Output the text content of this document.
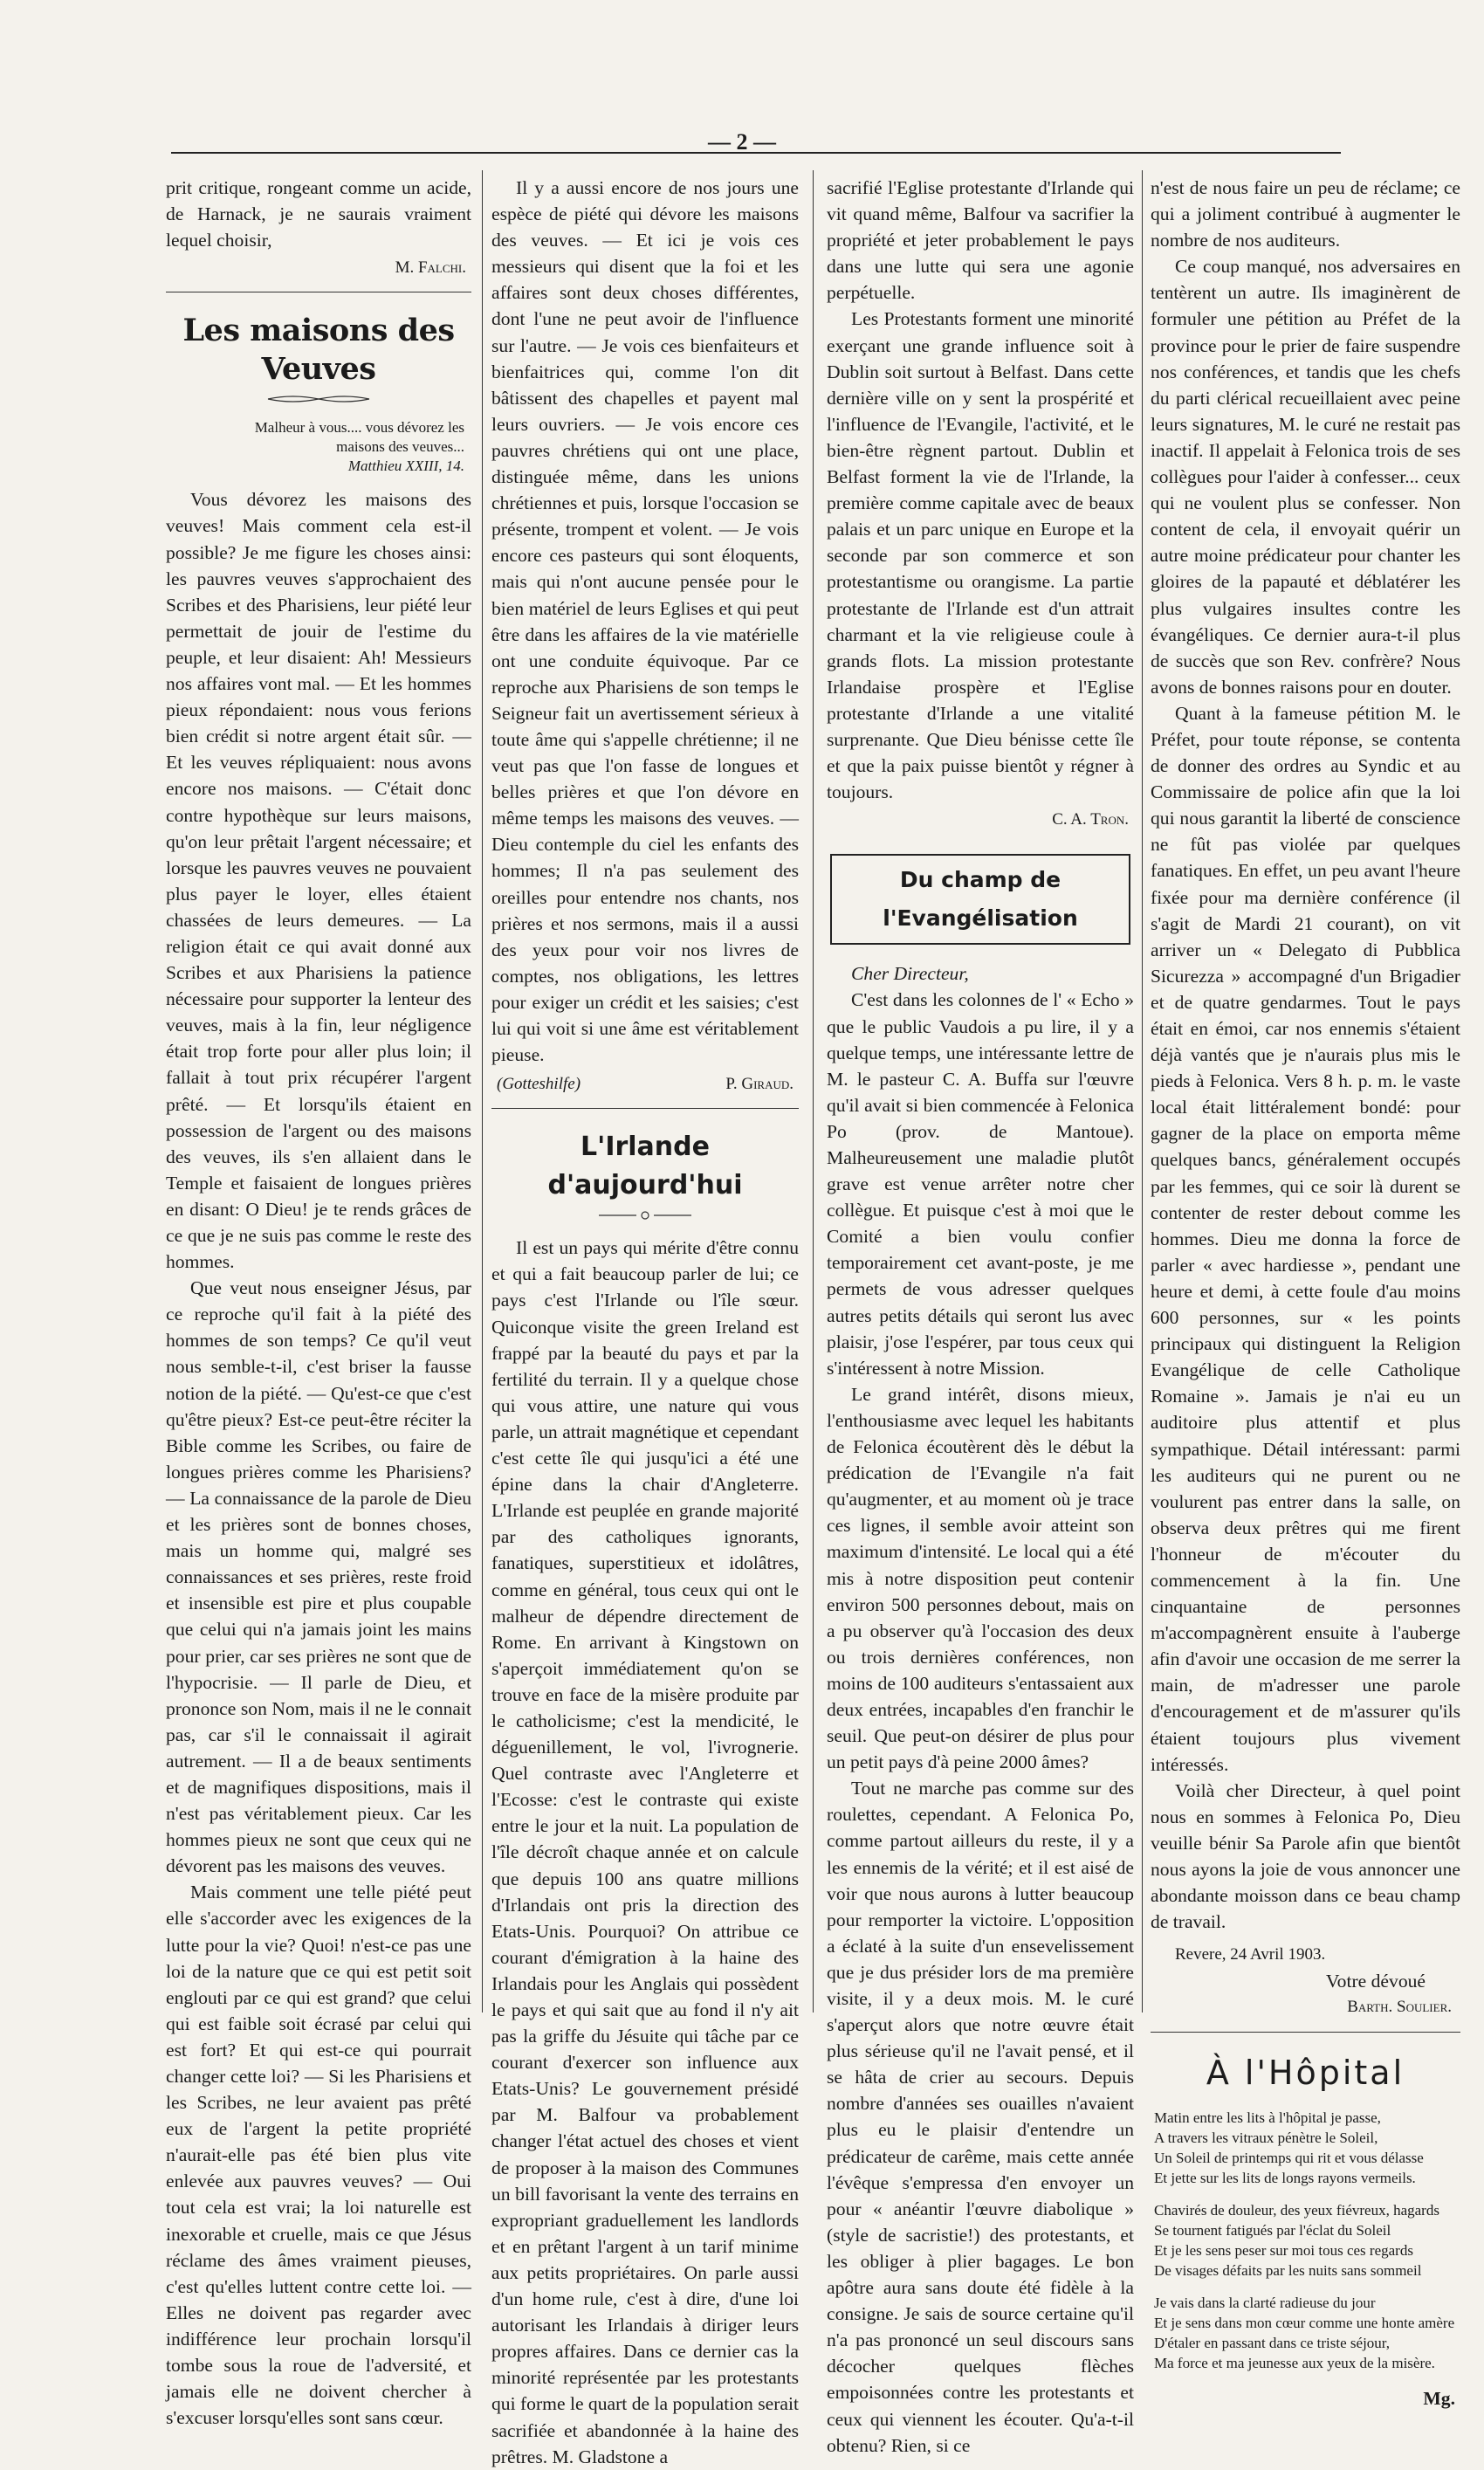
— 2 —

prit critique, rongeant comme un acide, de Harnack, je ne saurais vraiment lequel choisir,

M. Falchi.
Les maisons des Veuves
Malheur à vous.... vous dévorez les maisons des veuves...
Matthieu XXIII, 14.

Vous dévorez les maisons des veuves! Mais comment cela est-il possible? Je me figure les choses ainsi: les pauvres veuves s'approchaient des Scribes et des Pharisiens, leur piété leur permettait de jouir de l'estime du peuple, et leur disaient: Ah! Messieurs nos affaires vont mal. — Et les hommes pieux répondaient: nous vous ferions bien crédit si notre argent était sûr. — Et les veuves répliquaient: nous avons encore nos maisons. — C'était donc contre hypothèque sur leurs maisons, qu'on leur prêtait l'argent nécessaire; et lorsque les pauvres veuves ne pouvaient plus payer le loyer, elles étaient chassées de leurs demeures. — La religion était ce qui avait donné aux Scribes et aux Pharisiens la patience nécessaire pour supporter la lenteur des veuves, mais à la fin, leur négligence était trop forte pour aller plus loin; il fallait à tout prix récupérer l'argent prêté. — Et lorsqu'ils étaient en possession de l'argent ou des maisons des veuves, ils s'en allaient dans le Temple et faisaient de longues prières en disant: O Dieu! je te rends grâces de ce que je ne suis pas comme le reste des hommes.

Que veut nous enseigner Jésus, par ce reproche qu'il fait à la piété des hommes de son temps? Ce qu'il veut nous semble-t-il, c'est briser la fausse notion de la piété. — Qu'est-ce que c'est qu'être pieux? Est-ce peut-être réciter la Bible comme les Scribes, ou faire de longues prières comme les Pharisiens? — La connaissance de la parole de Dieu et les prières sont de bonnes choses, mais un homme qui, malgré ses connaissances et ses prières, reste froid et insensible est pire et plus coupable que celui qui n'a jamais joint les mains pour prier, car ses prières ne sont que de l'hypocrisie. — Il parle de Dieu, et prononce son Nom, mais il ne le connait pas, car s'il le connaissait il agirait autrement. — Il a de beaux sentiments et de magnifiques dispositions, mais il n'est pas véritablement pieux. Car les hommes pieux ne sont que ceux qui ne dévorent pas les maisons des veuves.

Mais comment une telle piété peut elle s'accorder avec les exigences de la lutte pour la vie? Quoi! n'est-ce pas une loi de la nature que ce qui est petit soit englouti par ce qui est grand? que celui qui est faible soit écrasé par celui qui est fort? Et qui est-ce qui pourrait changer cette loi? — Si les Pharisiens et les Scribes, ne leur avaient pas prêté eux de l'argent la petite propriété n'aurait-elle pas été bien plus vite enlevée aux pauvres veuves? — Oui tout cela est vrai; la loi naturelle est inexorable et cruelle, mais ce que Jésus réclame des âmes vraiment pieuses, c'est qu'elles luttent contre cette loi. — Elles ne doivent pas regarder avec indifférence leur prochain lorsqu'il tombe sous la roue de l'adversité, et jamais elle ne doivent chercher à s'excuser lorsqu'elles sont sans cœur.

Il y a aussi encore de nos jours une espèce de piété qui dévore les maisons des veuves. — Et ici je vois ces messieurs qui disent que la foi et les affaires sont deux choses différentes, dont l'une ne peut avoir de l'influence sur l'autre. — Je vois ces bienfaiteurs et bienfaitrices qui, comme l'on dit bâtissent des chapelles et payent mal leurs ouvriers. — Je vois encore ces pauvres chrétiens qui ont une place, distinguée même, dans les unions chrétiennes et puis, lorsque l'occasion se présente, trompent et volent. — Je vois encore ces pasteurs qui sont éloquents, mais qui n'ont aucune pensée pour le bien matériel de leurs Eglises et qui peut être dans les affaires de la vie matérielle ont une conduite équivoque. Par ce reproche aux Pharisiens de son temps le Seigneur fait un avertissement sérieux à toute âme qui s'appelle chrétienne; il ne veut pas que l'on fasse de longues et belles prières et que l'on dévore en même temps les maisons des veuves. — Dieu contemple du ciel les enfants des hommes; Il n'a pas seulement des oreilles pour entendre nos chants, nos prières et nos sermons, mais il a aussi des yeux pour voir nos livres de comptes, nos obligations, les lettres pour exiger un crédit et les saisies; c'est lui qui voit si une âme est véritablement pieuse.

(Gotteshilfe)	P. Giraud.
L'Irlande d'aujourd'hui

Il est un pays qui mérite d'être connu et qui a fait beaucoup parler de lui; ce pays c'est l'Irlande ou l'île sœur. Quiconque visite the green Ireland est frappé par la beauté du pays et par la fertilité du terrain. Il y a quelque chose qui vous attire, une nature qui vous parle, un attrait magnétique et cependant c'est cette île qui jusqu'ici a été une épine dans la chair d'Angleterre. L'Irlande est peuplée en grande majorité par des catholiques ignorants, fanatiques, superstitieux et idolâtres, comme en général, tous ceux qui ont le malheur de dépendre directement de Rome. En arrivant à Kingstown on s'aperçoit immédiatement qu'on se trouve en face de la misère produite par le catholicisme; c'est la mendicité, le déguenillement, le vol, l'ivrognerie. Quel contraste avec l'Angleterre et l'Ecosse: c'est le contraste qui existe entre le jour et la nuit. La population de l'île décroît chaque année et on calcule que depuis 100 ans quatre millions d'Irlandais ont pris la direction des Etats-Unis. Pourquoi? On attribue ce courant d'émigration à la haine des Irlandais pour les Anglais qui possèdent le pays et qui sait que au fond il n'y ait pas la griffe du Jésuite qui tâche par ce courant d'exercer son influence aux Etats-Unis? Le gouvernement présidé par M. Balfour va probablement changer l'état actuel des choses et vient de proposer à la maison des Communes un bill favorisant la vente des terrains en expropriant graduellement les landlords et en prêtant l'argent à un tarif minime aux petits propriétaires. On parle aussi d'un home rule, c'est à dire, d'une loi autorisant les Irlandais à diriger leurs propres affaires. Dans ce dernier cas la minorité représentée par les protestants qui forme le quart de la population serait sacrifiée et abandonnée à la haine des prêtres. M. Gladstone a

sacrifié l'Eglise protestante d'Irlande qui vit quand même, Balfour va sacrifier la propriété et jeter probablement le pays dans une lutte qui sera une agonie perpétuelle.

Les Protestants forment une minorité exerçant une grande influence soit à Dublin soit surtout à Belfast. Dans cette dernière ville on y sent la prospérité et l'influence de l'Evangile, l'activité, et le bien-être règnent partout. Dublin et Belfast forment la vie de l'Irlande, la première comme capitale avec de beaux palais et un parc unique en Europe et la seconde par son commerce et son protestantisme ou orangisme. La partie protestante de l'Irlande est d'un attrait charmant et la vie religieuse coule à grands flots. La mission protestante Irlandaise prospère et l'Eglise protestante d'Irlande a une vitalité surprenante. Que Dieu bénisse cette île et que la paix puisse bientôt y régner à toujours.

C. A. Tron.
Du champ de l'Evangélisation
Cher Directeur,

C'est dans les colonnes de l' « Echo » que le public Vaudois a pu lire, il y a quelque temps, une intéressante lettre de M. le pasteur C. A. Buffa sur l'œuvre qu'il avait si bien commencée à Felonica Po (prov. de Mantoue). Malheureusement une maladie plutôt grave est venue arrêter notre cher collègue. Et puisque c'est à moi que le Comité a bien voulu confier temporairement cet avant-poste, je me permets de vous adresser quelques autres petits détails qui seront lus avec plaisir, j'ose l'espérer, par tous ceux qui s'intéressent à notre Mission.

Le grand intérêt, disons mieux, l'enthousiasme avec lequel les habitants de Felonica écoutèrent dès le début la prédication de l'Evangile n'a fait qu'augmenter, et au moment où je trace ces lignes, il semble avoir atteint son maximum d'intensité. Le local qui a été mis à notre disposition peut contenir environ 500 personnes debout, mais on a pu observer qu'à l'occasion des deux ou trois dernières conférences, non moins de 100 auditeurs s'entassaient aux deux entrées, incapables d'en franchir le seuil. Que peut-on désirer de plus pour un petit pays d'à peine 2000 âmes?

Tout ne marche pas comme sur des roulettes, cependant. A Felonica Po, comme partout ailleurs du reste, il y a les ennemis de la vérité; et il est aisé de voir que nous aurons à lutter beaucoup pour remporter la victoire. L'opposition a éclaté à la suite d'un ensevelissement que je dus présider lors de ma première visite, il y a deux mois. M. le curé s'aperçut alors que notre œuvre était plus sérieuse qu'il ne l'avait pensé, et il se hâta de crier au secours. Depuis nombre d'années ses ouailles n'avaient plus eu le plaisir d'entendre un prédicateur de carême, mais cette année l'évêque s'empressa d'en envoyer un pour « anéantir l'œuvre diabolique » (style de sacristie!) des protestants, et les obliger à plier bagages. Le bon apôtre aura sans doute été fidèle à la consigne. Je sais de source certaine qu'il n'a pas prononcé un seul discours sans décocher quelques flèches empoisonnées contre les protestants et ceux qui viennent les écouter. Qu'a-t-il obtenu? Rien, si ce

n'est de nous faire un peu de réclame; ce qui a joliment contribué à augmenter le nombre de nos auditeurs.

Ce coup manqué, nos adversaires en tentèrent un autre. Ils imaginèrent de formuler une pétition au Préfet de la province pour le prier de faire suspendre nos conférences, et tandis que les chefs du parti clérical recueillaient avec peine leurs signatures, M. le curé ne restait pas inactif. Il appelait à Felonica trois de ses collègues pour l'aider à confesser... ceux qui ne voulent plus se confesser. Non content de cela, il envoyait quérir un autre moine prédicateur pour chanter les gloires de la papauté et déblatérer les plus vulgaires insultes contre les évangéliques. Ce dernier aura-t-il plus de succès que son Rev. confrère? Nous avons de bonnes raisons pour en douter.

Quant à la fameuse pétition M. le Préfet, pour toute réponse, se contenta de donner des ordres au Syndic et au Commissaire de police afin que la loi qui nous garantit la liberté de conscience ne fût pas violée par quelques fanatiques. En effet, un peu avant l'heure fixée pour ma dernière conférence (il s'agit de Mardi 21 courant), on vit arriver un « Delegato di Pubblica Sicurezza » accompagné d'un Brigadier et de quatre gendarmes. Tout le pays était en émoi, car nos ennemis s'étaient déjà vantés que je n'aurais plus mis le pieds à Felonica. Vers 8 h. p. m. le vaste local était littéralement bondé: pour gagner de la place on emporta même quelques bancs, généralement occupés par les femmes, qui ce soir là durent se contenter de rester debout comme les hommes. Dieu me donna la force de parler « avec hardiesse », pendant une heure et demi, à cette foule d'au moins 600 personnes, sur « les points principaux qui distinguent la Religion Evangélique de celle Catholique Romaine ». Jamais je n'ai eu un auditoire plus attentif et plus sympathique. Détail intéressant: parmi les auditeurs qui ne purent ou ne voulurent pas entrer dans la salle, on observa deux prêtres qui me firent l'honneur de m'écouter du commencement à la fin. Une cinquantaine de personnes m'accompagnèrent ensuite à l'auberge afin d'avoir une occasion de me serrer la main, de m'adresser une parole d'encouragement et de m'assurer qu'ils étaient toujours plus vivement intéressés.

Voilà cher Directeur, à quel point nous en sommes à Felonica Po, Dieu veuille bénir Sa Parole afin que bientôt nous ayons la joie de vous annoncer une abondante moisson dans ce beau champ de travail.

Revere, 24 Avril 1903.
Votre dévoué
Barth. Soulier.
À l'Hôpital
Matin entre les lits à l'hôpital je passe,
A travers les vitraux pénètre le Soleil,
Un Soleil de printemps qui rit et vous délasse
Et jette sur les lits de longs rayons vermeils.
Chavirés de douleur, des yeux fiévreux, hagards
Se tournent fatigués par l'éclat du Soleil
Et je les sens peser sur moi tous ces regards
De visages défaits par les nuits sans sommeil
Je vais dans la clarté radieuse du jour
Et je sens dans mon cœur comme une honte amère
D'étaler en passant dans ce triste séjour,
Ma force et ma jeunesse aux yeux de la misère.
Mg.
